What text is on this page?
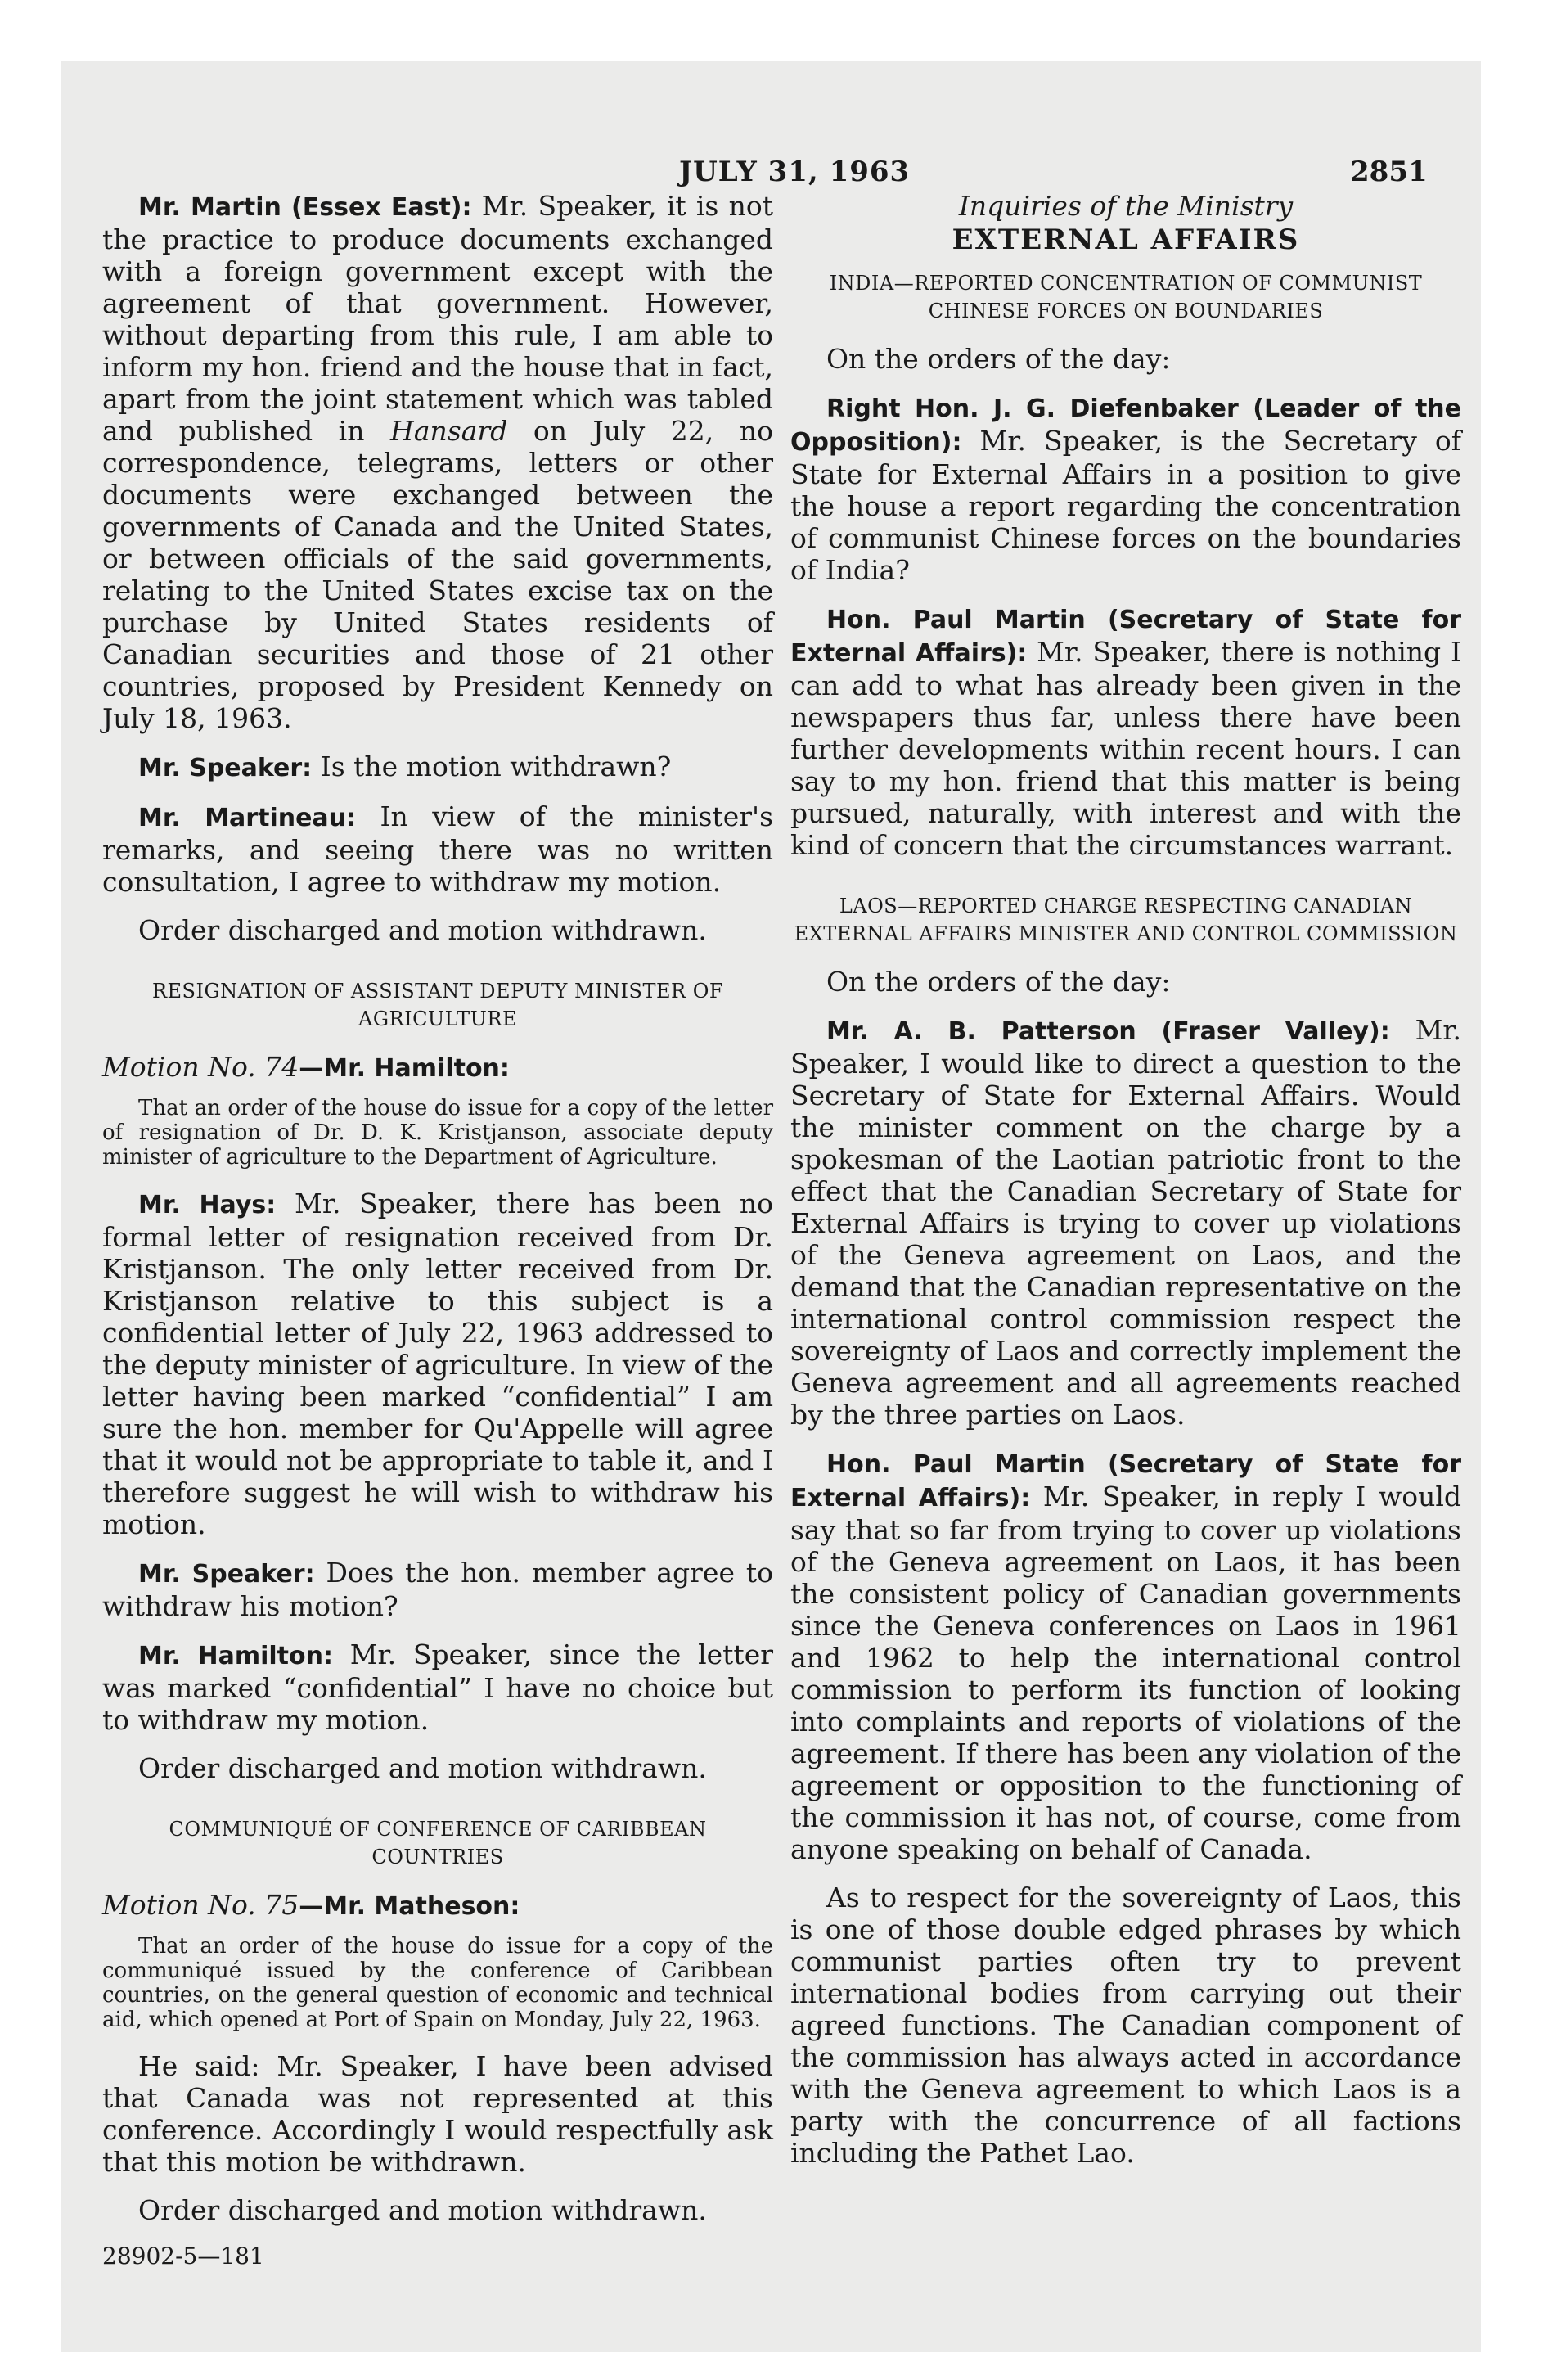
JULY 31, 1963	2851

Mr. Martin (Essex East): Mr. Speaker, it is not the practice to produce documents exchanged with a foreign government except with the agreement of that government. However, without departing from this rule, I am able to inform my hon. friend and the house that in fact, apart from the joint statement which was tabled and published in Hansard on July 22, no correspondence, telegrams, letters or other documents were exchanged between the governments of Canada and the United States, or between officials of the said governments, relating to the United States excise tax on the purchase by United States residents of Canadian securities and those of 21 other countries, proposed by President Kennedy on July 18, 1963.

Mr. Speaker: Is the motion withdrawn?

Mr. Martineau: In view of the minister's remarks, and seeing there was no written consultation, I agree to withdraw my motion.

Order discharged and motion withdrawn.

RESIGNATION OF ASSISTANT DEPUTY MINISTER OF AGRICULTURE
Motion No. 74—Mr. Hamilton:

That an order of the house do issue for a copy of the letter of resignation of Dr. D. K. Kristjanson, associate deputy minister of agriculture to the Department of Agriculture.

Mr. Hays: Mr. Speaker, there has been no formal letter of resignation received from Dr. Kristjanson. The only letter received from Dr. Kristjanson relative to this subject is a confidential letter of July 22, 1963 addressed to the deputy minister of agriculture. In view of the letter having been marked “confidential” I am sure the hon. member for Qu'Appelle will agree that it would not be appropriate to table it, and I therefore suggest he will wish to withdraw his motion.

Mr. Speaker: Does the hon. member agree to withdraw his motion?

Mr. Hamilton: Mr. Speaker, since the letter was marked “confidential” I have no choice but to withdraw my motion.

Order discharged and motion withdrawn.

COMMUNIQUÉ OF CONFERENCE OF CARIBBEAN COUNTRIES
Motion No. 75—Mr. Matheson:

That an order of the house do issue for a copy of the communiqué issued by the conference of Caribbean countries, on the general question of economic and technical aid, which opened at Port of Spain on Monday, July 22, 1963.

He said: Mr. Speaker, I have been advised that Canada was not represented at this conference. Accordingly I would respectfully ask that this motion be withdrawn.

Order discharged and motion withdrawn.

28902-5—181
Inquiries of the Ministry
EXTERNAL AFFAIRS
INDIA—REPORTED CONCENTRATION OF COMMUNIST CHINESE FORCES ON BOUNDARIES

On the orders of the day:

Right Hon. J. G. Diefenbaker (Leader of the Opposition): Mr. Speaker, is the Secretary of State for External Affairs in a position to give the house a report regarding the concentration of communist Chinese forces on the boundaries of India?

Hon. Paul Martin (Secretary of State for External Affairs): Mr. Speaker, there is nothing I can add to what has already been given in the newspapers thus far, unless there have been further developments within recent hours. I can say to my hon. friend that this matter is being pursued, naturally, with interest and with the kind of concern that the circumstances warrant.

LAOS—REPORTED CHARGE RESPECTING CANADIAN EXTERNAL AFFAIRS MINISTER AND CONTROL COMMISSION

On the orders of the day:

Mr. A. B. Patterson (Fraser Valley): Mr. Speaker, I would like to direct a question to the Secretary of State for External Affairs. Would the minister comment on the charge by a spokesman of the Laotian patriotic front to the effect that the Canadian Secretary of State for External Affairs is trying to cover up violations of the Geneva agreement on Laos, and the demand that the Canadian representative on the international control commission respect the sovereignty of Laos and correctly implement the Geneva agreement and all agreements reached by the three parties on Laos.

Hon. Paul Martin (Secretary of State for External Affairs): Mr. Speaker, in reply I would say that so far from trying to cover up violations of the Geneva agreement on Laos, it has been the consistent policy of Canadian governments since the Geneva conferences on Laos in 1961 and 1962 to help the international control commission to perform its function of looking into complaints and reports of violations of the agreement. If there has been any violation of the agreement or opposition to the functioning of the commission it has not, of course, come from anyone speaking on behalf of Canada.

As to respect for the sovereignty of Laos, this is one of those double edged phrases by which communist parties often try to prevent international bodies from carrying out their agreed functions. The Canadian component of the commission has always acted in accordance with the Geneva agreement to which Laos is a party with the concurrence of all factions including the Pathet Lao.
